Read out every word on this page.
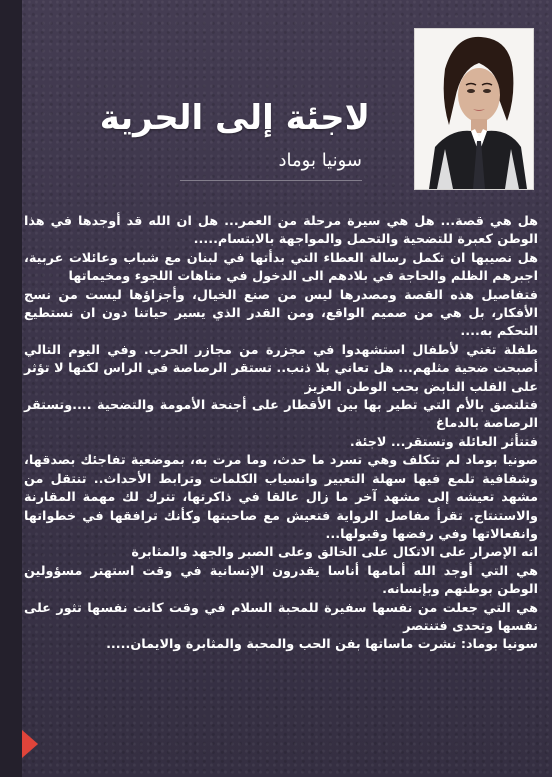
لاجئة إلى الحرية
سونيا بوماد

هل هي قصة... هل هي سيرة مرحلة من العمر... هل ان الله قد أوجدها في هذا الوطن كعبرة للتضحية والتحمل والمواجهة بالابتسام.....

هل نصيبها ان تكمل رسالة العطاء التي بدأتها في لبنان مع شباب وعائلات عربية، اجبرهم الظلم والحاجة في بلادهم الى الدخول في متاهات اللجوء ومخيماتها

فتفاصيل هذه القصة ومصدرها ليس من صنع الخيال، وأجزاؤها ليست من نسج الأفكار، بل هي من صميم الواقع، ومن القدر الذي يسير حياتنا دون ان نستطيع التحكم به....

طفلة تغني لأطفال استشهدوا في مجزرة من مجازر الحرب. وفي اليوم التالي أصبحت ضحية مثلهم... هل تعاني بلا ذنب.. تستقر الرصاصة في الراس لكنها لا تؤثر على القلب النابض بحب الوطن العزيز

فتلتصق بالأم التي تطير بها بين الأقطار على أجنحة الأمومة والتضحية ....وتستقر الرصاصة بالدماغ

فتتأثر العائلة وتستقر... لاجئة.

صونيا بوماد لم تتكلف وهي تسرد ما حدث، وما مرت به، بموضعية تفاجئك بصدقها، وشفافية تلمع فيها سهلة التعبير وانسياب الكلمات وترابط الأحداث.. تنتقل من مشهد تعيشه إلى مشهد آخر ما زال عالقا في ذاكرتها، تترك لك مهمة المقارنة والاستنتاج. تقرأ مفاصل الرواية فتعيش مع صاحبتها وكأنك ترافقها في خطواتها وانفعالاتها وفي رفضها وقبولها...

انه الإصرار على الاتكال على الخالق وعلى الصبر والجهد والمثابرة

هي التي أوجد الله أمامها أناسا يقدرون الإنسانية في وقت استهتر مسؤولين الوطن بوطنهم وبإنسانه.

هي التي جعلت من نفسها سفيرة للمحبة السلام في وقت كانت نفسها تثور على نفسها وتحدى فتنتصر

سونيا بوماد: نشرت ماساتها بفن الحب والمحبة والمثابرة والايمان.....
